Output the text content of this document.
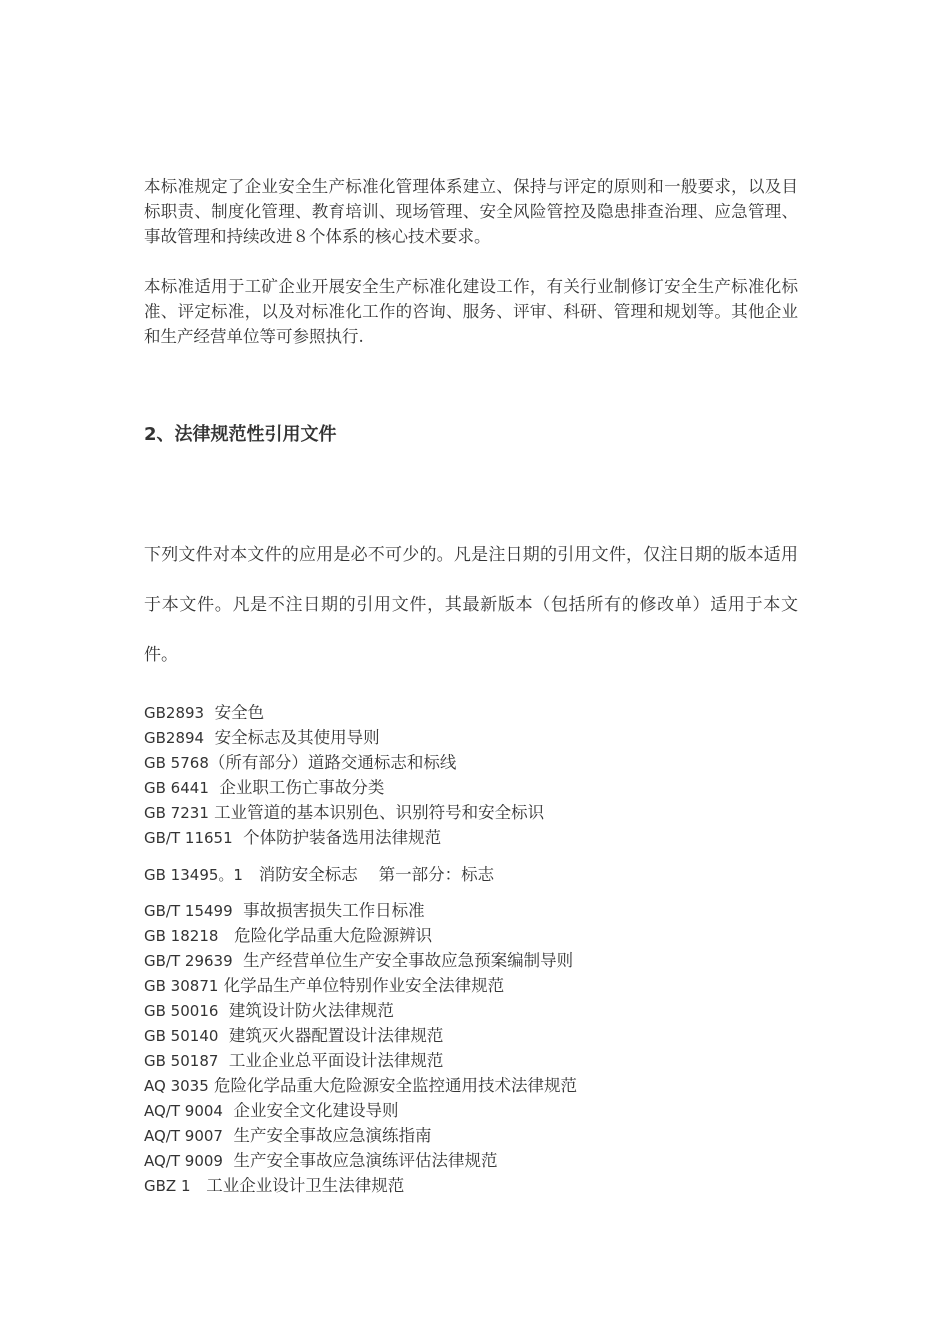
本标准规定了企业安全生产标准化管理体系建立、保持与评定的原则和一般要求，以及目标职责、制度化管理、教育培训、现场管理、安全风险管控及隐患排查治理、应急管理、事故管理和持续改进８个体系的核心技术要求。

本标准适用于工矿企业开展安全生产标准化建设工作，有关行业制修订安全生产标准化标准、评定标准，以及对标准化工作的咨询、服务、评审、科研、管理和规划等。其他企业和生产经营单位等可参照执行.

2、法律规范性引用文件

下列文件对本文件的应用是必不可少的。凡是注日期的引用文件，仅注日期的版本适用于本文件。凡是不注日期的引用文件，其最新版本（包括所有的修改单）适用于本文件。

GB2893 安全色
GB2894 安全标志及其使用导则
GB 5768（所有部分）道路交通标志和标线
GB 6441 企业职工伤亡事故分类
GB 7231 工业管道的基本识别色、识别符号和安全标识
GB/T 11651 个体防护装备选用法律规范
GB 13495。1 消防安全标志    第一部分：标志
GB/T 15499 事故损害损失工作日标准
GB 18218 危险化学品重大危险源辨识
GB/T 29639 生产经营单位生产安全事故应急预案编制导则
GB 30871 化学品生产单位特别作业安全法律规范
GB 50016 建筑设计防火法律规范
GB 50140 建筑灭火器配置设计法律规范
GB 50187 工业企业总平面设计法律规范
AQ 3035 危险化学品重大危险源安全监控通用技术法律规范
AQ/T 9004 企业安全文化建设导则
AQ/T 9007 生产安全事故应急演练指南
AQ/T 9009 生产安全事故应急演练评估法律规范
GBZ 1 工业企业设计卫生法律规范
